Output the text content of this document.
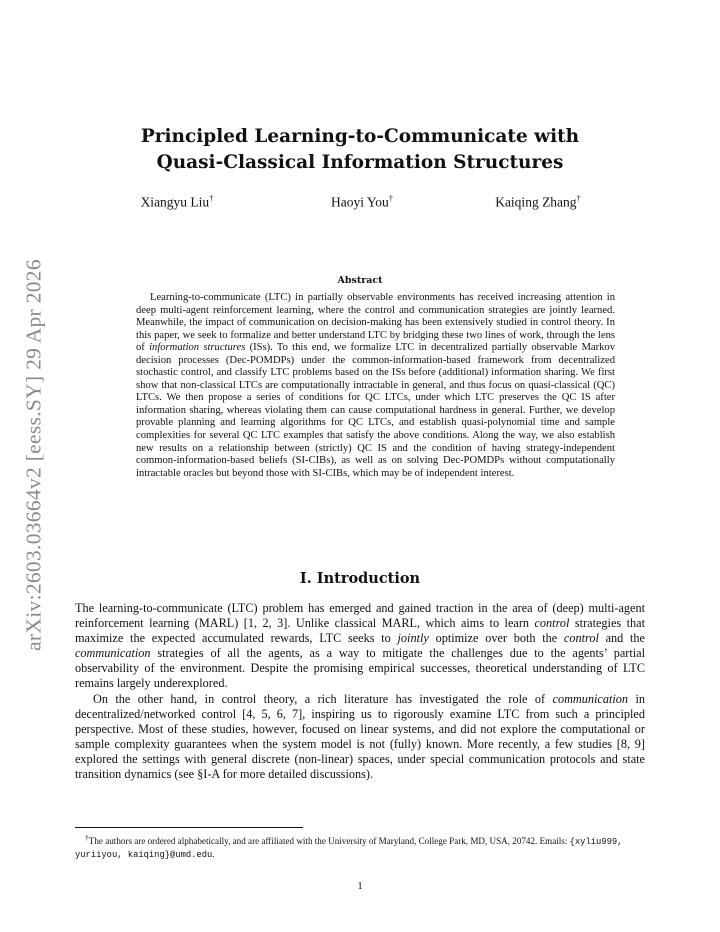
arXiv:2603.03664v2 [eess.SY] 29 Apr 2026
Principled Learning-to-Communicate with
Quasi-Classical Information Structures
Xiangyu Liu†	Haoyi You†	Kaiqing Zhang†
Abstract

Learning-to-communicate (LTC) in partially observable environments has received increasing attention in deep multi-agent reinforcement learning, where the control and communication strategies are jointly learned. Meanwhile, the impact of communication on decision-making has been extensively studied in control theory. In this paper, we seek to formalize and better understand LTC by bridging these two lines of work, through the lens of information structures (ISs). To this end, we formalize LTC in decentralized partially observable Markov decision processes (Dec-POMDPs) under the common-information-based framework from decentralized stochastic control, and classify LTC problems based on the ISs before (additional) information sharing. We first show that non-classical LTCs are computationally intractable in general, and thus focus on quasi-classical (QC) LTCs. We then propose a series of conditions for QC LTCs, under which LTC preserves the QC IS after information sharing, whereas violating them can cause computational hardness in general. Further, we develop provable planning and learning algorithms for QC LTCs, and establish quasi-polynomial time and sample complexities for several QC LTC examples that satisfy the above conditions. Along the way, we also establish new results on a relationship between (strictly) QC IS and the condition of having strategy-independent common-information-based beliefs (SI-CIBs), as well as on solving Dec-POMDPs without computationally intractable oracles but beyond those with SI-CIBs, which may be of independent interest.

I. Introduction

The learning-to-communicate (LTC) problem has emerged and gained traction in the area of (deep) multi-agent reinforcement learning (MARL) [1, 2, 3]. Unlike classical MARL, which aims to learn control strategies that maximize the expected accumulated rewards, LTC seeks to jointly optimize over both the control and the communication strategies of all the agents, as a way to mitigate the challenges due to the agents’ partial observability of the environment. Despite the promising empirical successes, theoretical understanding of LTC remains largely underexplored.

On the other hand, in control theory, a rich literature has investigated the role of communication in decentralized/networked control [4, 5, 6, 7], inspiring us to rigorously examine LTC from such a principled perspective. Most of these studies, however, focused on linear systems, and did not explore the computational or sample complexity guarantees when the system model is not (fully) known. More recently, a few studies [8, 9] explored the settings with general discrete (non-linear) spaces, under special communication protocols and state transition dynamics (see §I-A for more detailed discussions).

†The authors are ordered alphabetically, and are affiliated with the University of Maryland, College Park, MD, USA, 20742. Emails: {xyliu999, yuriiyou, kaiqing}@umd.edu.

1
